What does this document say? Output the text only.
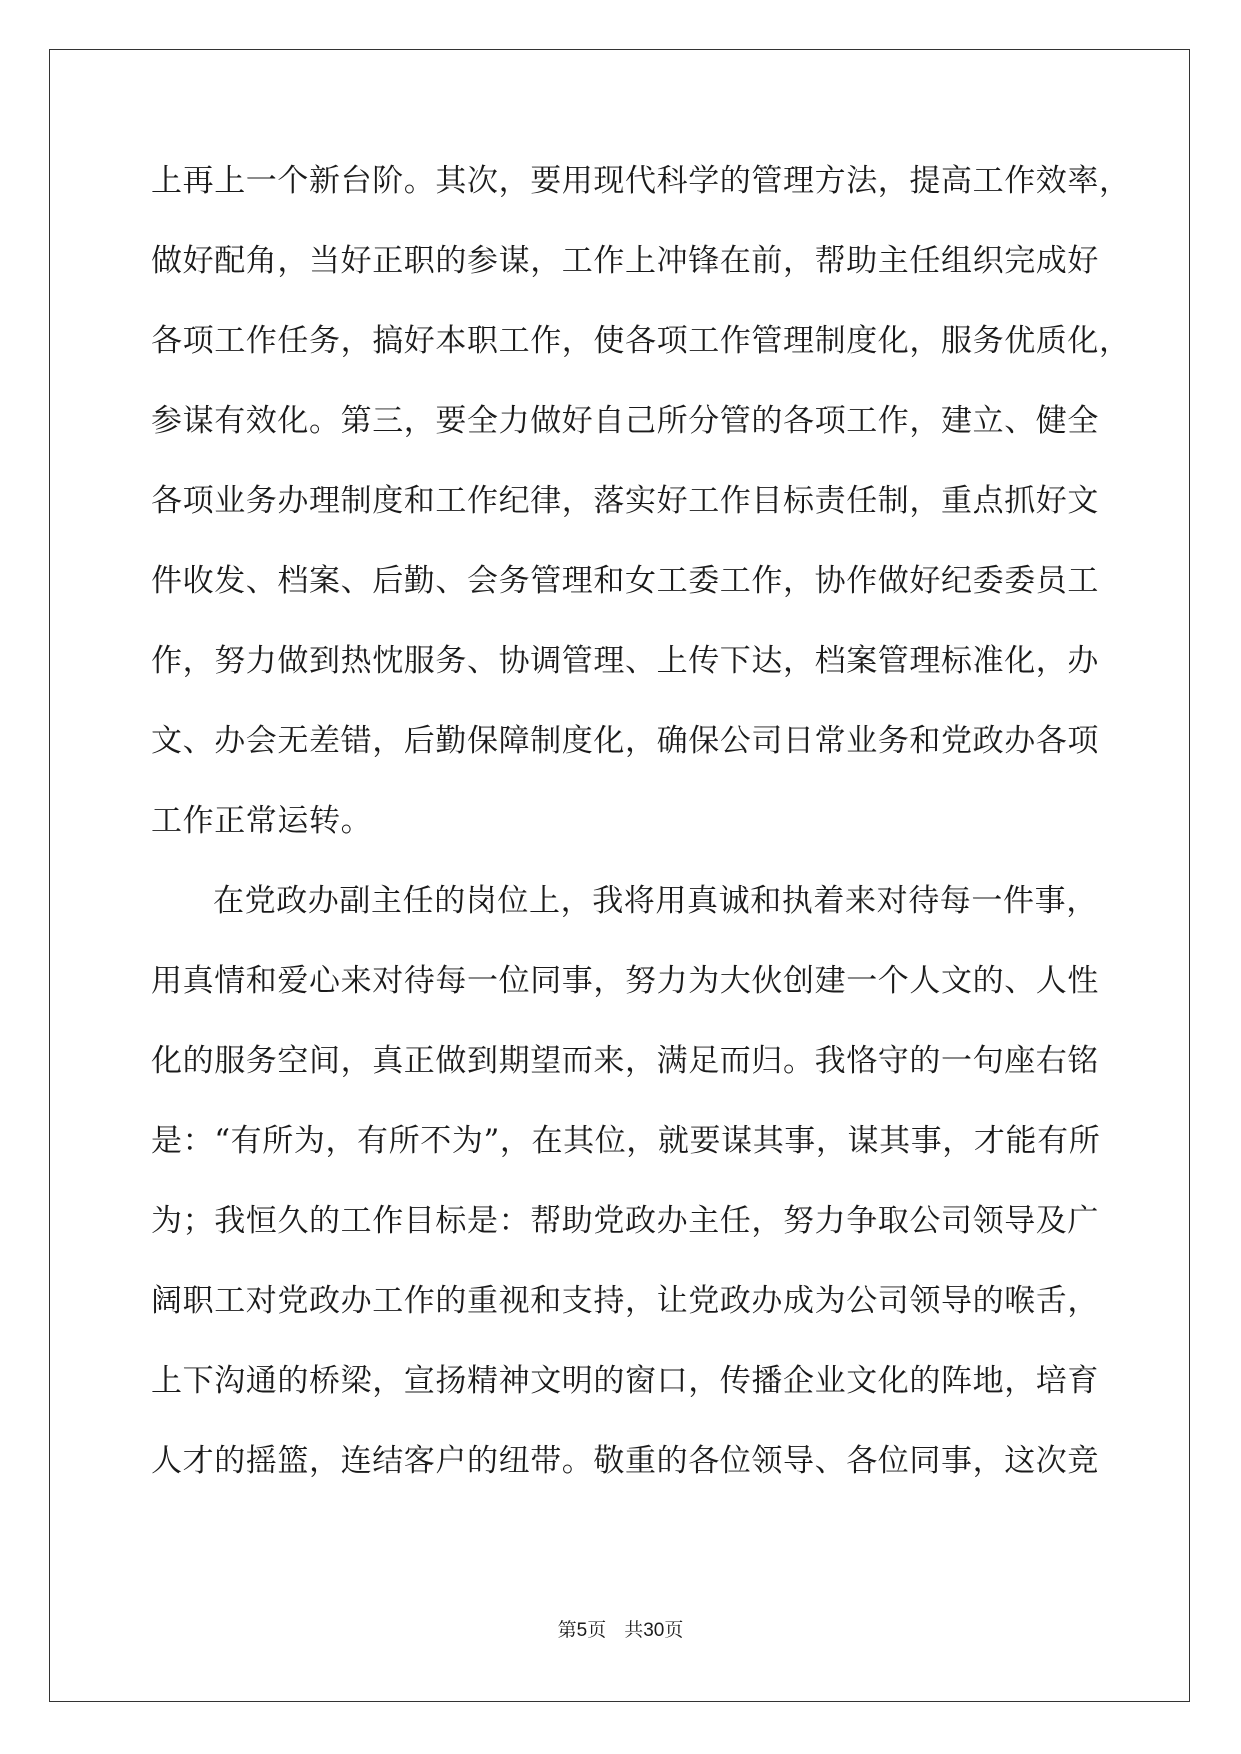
上再上一个新台阶。其次，要用现代科学的管理方法，提高工作效率，
做好配角，当好正职的参谋，工作上冲锋在前，帮助主任组织完成好
各项工作任务，搞好本职工作，使各项工作管理制度化，服务优质化，
参谋有效化。第三，要全力做好自己所分管的各项工作，建立、健全
各项业务办理制度和工作纪律，落实好工作目标责任制，重点抓好文
件收发、档案、后勤、会务管理和女工委工作，协作做好纪委委员工
作，努力做到热忱服务、协调管理、上传下达，档案管理标准化，办
文、办会无差错，后勤保障制度化，确保公司日常业务和党政办各项
工作正常运转。
在党政办副主任的岗位上，我将用真诚和执着来对待每一件事，
用真情和爱心来对待每一位同事，努力为大伙创建一个人文的、人性
化的服务空间，真正做到期望而来，满足而归。我恪守的一句座右铭
是：“有所为，有所不为”，在其位，就要谋其事，谋其事，才能有所
为；我恒久的工作目标是：帮助党政办主任，努力争取公司领导及广
阔职工对党政办工作的重视和支持，让党政办成为公司领导的喉舌，
上下沟通的桥梁，宣扬精神文明的窗口，传播企业文化的阵地，培育
人才的摇篮，连结客户的纽带。敬重的各位领导、各位同事，这次竞
第5页 共30页
